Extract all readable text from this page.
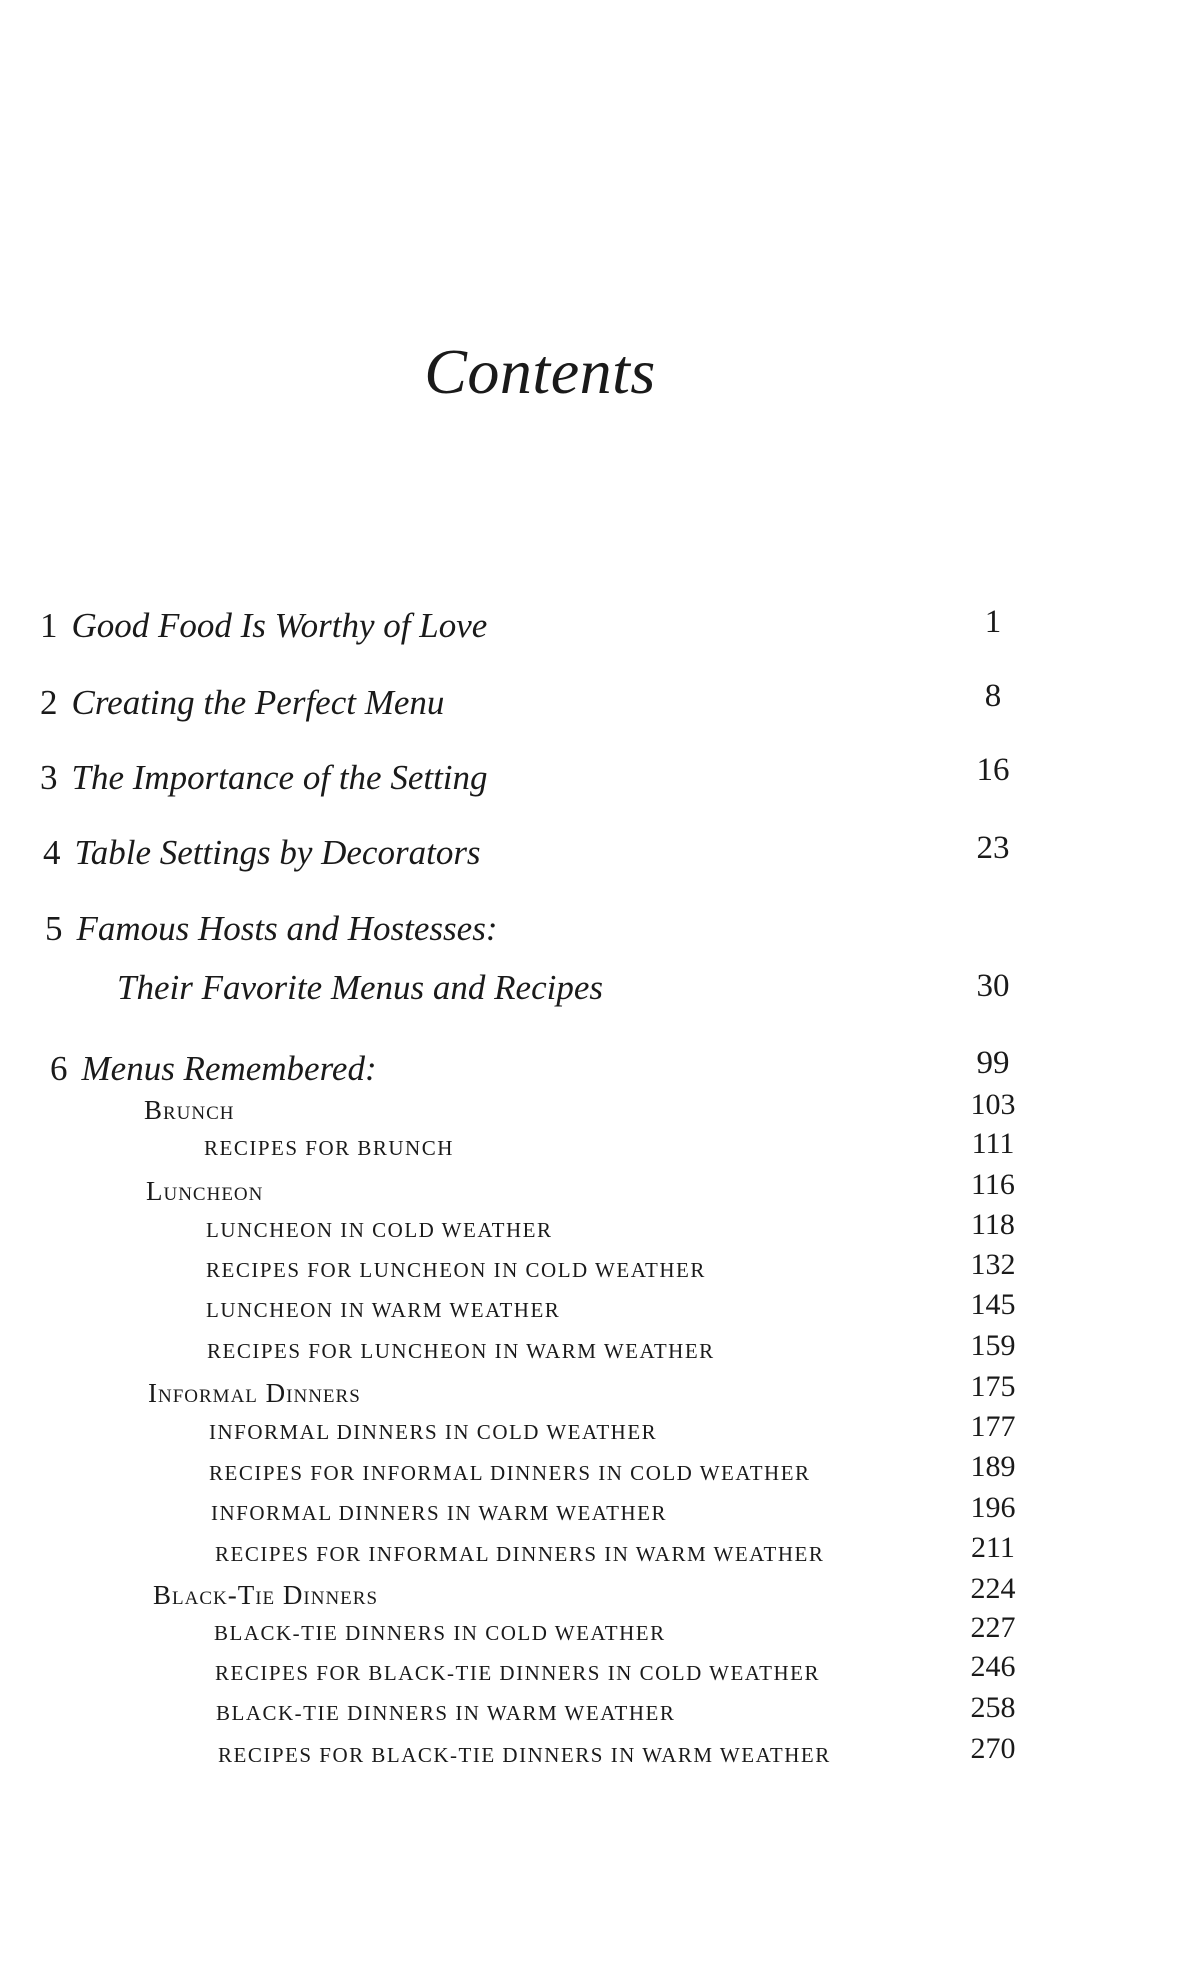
Contents
1 Good Food Is Worthy of Love	1
2 Creating the Perfect Menu	8
3 The Importance of the Setting	16
4 Table Settings by Decorators	23
5 Famous Hosts and Hostesses:
Their Favorite Menus and Recipes	30
6 Menus Remembered:	99
Brunch	103
RECIPES FOR BRUNCH	111
Luncheon	116
LUNCHEON IN COLD WEATHER	118
RECIPES FOR LUNCHEON IN COLD WEATHER	132
LUNCHEON IN WARM WEATHER	145
RECIPES FOR LUNCHEON IN WARM WEATHER	159
Informal Dinners	175
INFORMAL DINNERS IN COLD WEATHER	177
RECIPES FOR INFORMAL DINNERS IN COLD WEATHER	189
INFORMAL DINNERS IN WARM WEATHER	196
RECIPES FOR INFORMAL DINNERS IN WARM WEATHER	211
Black-Tie Dinners	224
BLACK-TIE DINNERS IN COLD WEATHER	227
RECIPES FOR BLACK-TIE DINNERS IN COLD WEATHER	246
BLACK-TIE DINNERS IN WARM WEATHER	258
RECIPES FOR BLACK-TIE DINNERS IN WARM WEATHER	270
